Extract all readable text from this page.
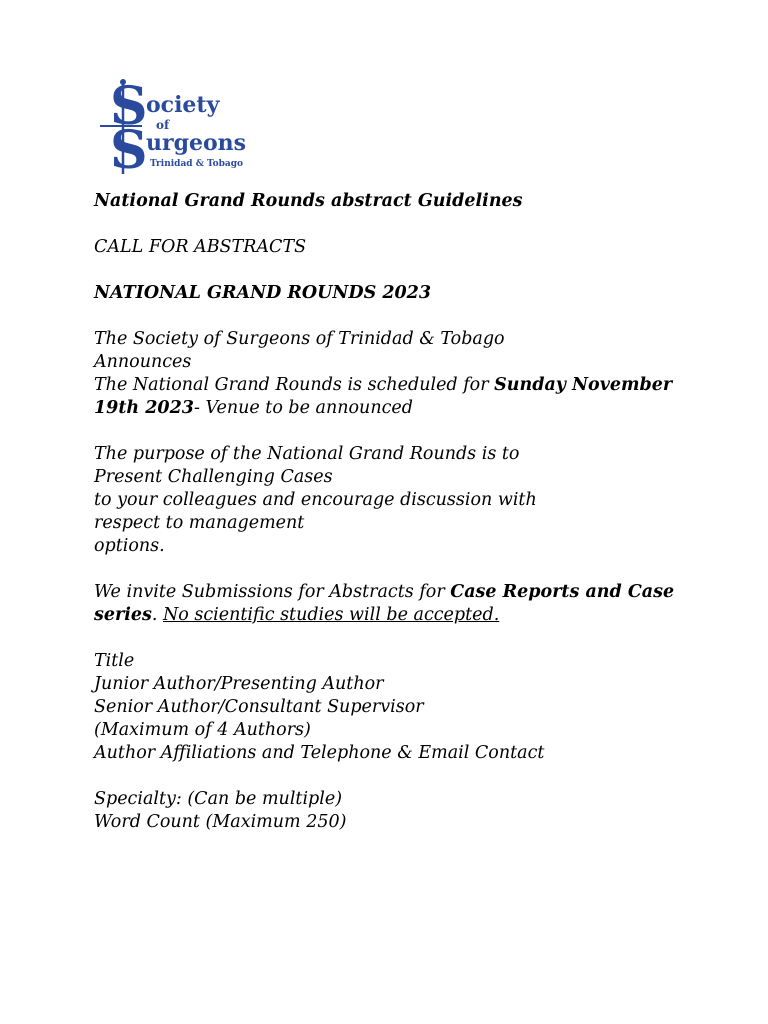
S
ociety
of
S
urgeons
Trinidad & Tobago

National Grand Rounds abstract Guidelines

CALL FOR ABSTRACTS

NATIONAL GRAND ROUNDS 2023

The Society of Surgeons of Trinidad & Tobago
Announces
The National Grand Rounds is scheduled for Sunday November
19th 2023- Venue to be announced

The purpose of the National Grand Rounds is to
Present Challenging Cases
to your colleagues and encourage discussion with
respect to management
options.

We invite Submissions for Abstracts for Case Reports and Case
series. No scientific studies will be accepted.

Title
Junior Author/Presenting Author
Senior Author/Consultant Supervisor
(Maximum of 4 Authors)
Author Affiliations and Telephone & Email Contact

Specialty: (Can be multiple)
Word Count (Maximum 250)
